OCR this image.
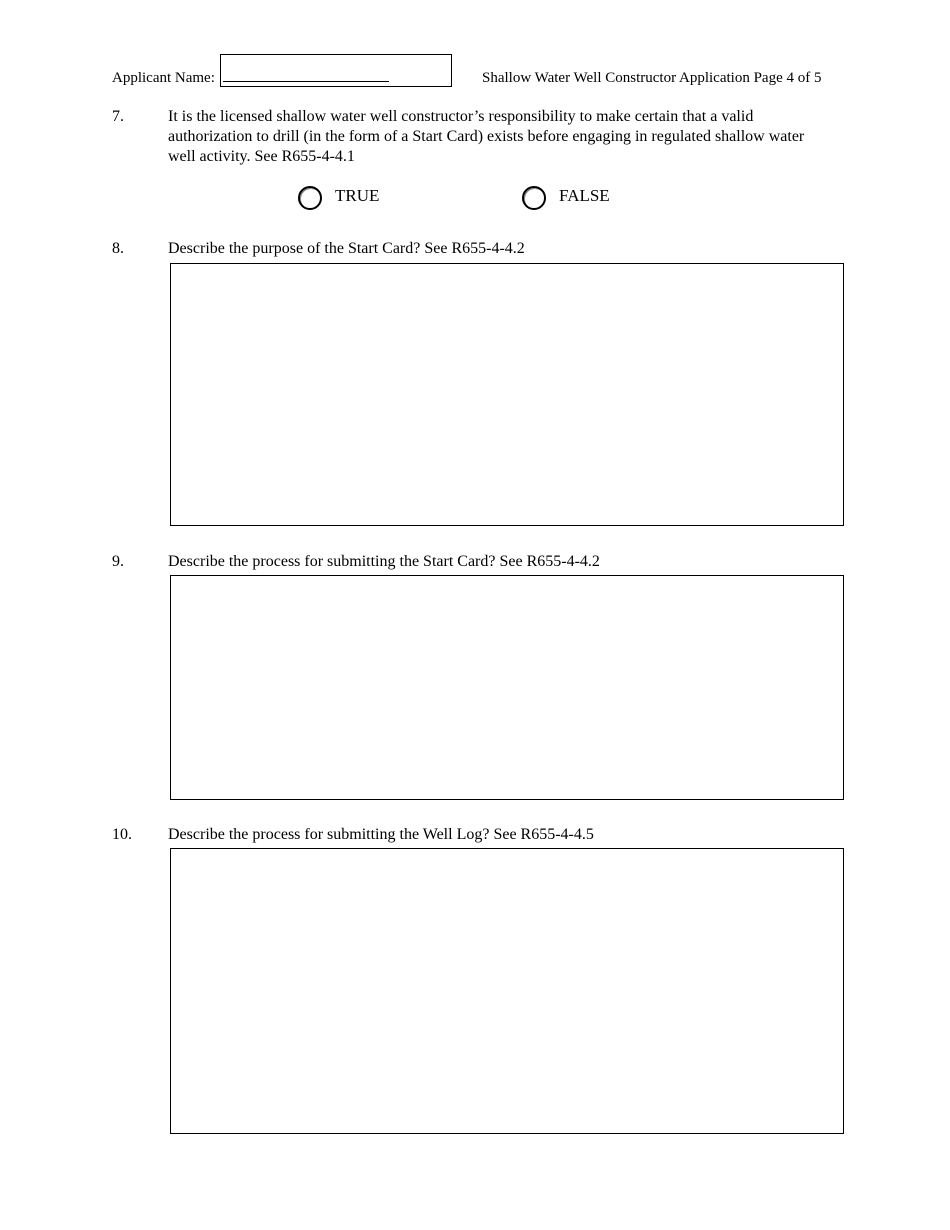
Applicant Name:	Shallow Water Well Constructor Application Page 4 of 5
7.	It is the licensed shallow water well constructor’s responsibility to make certain that a valid authorization to drill (in the form of a Start Card) exists before engaging in regulated shallow water well activity. See R655-4-4.1
TRUE	FALSE
8.	Describe the purpose of the Start Card? See R655-4-4.2
9.	Describe the process for submitting the Start Card? See R655-4-4.2
10. Describe the process for submitting the Well Log? See R655-4-4.5
